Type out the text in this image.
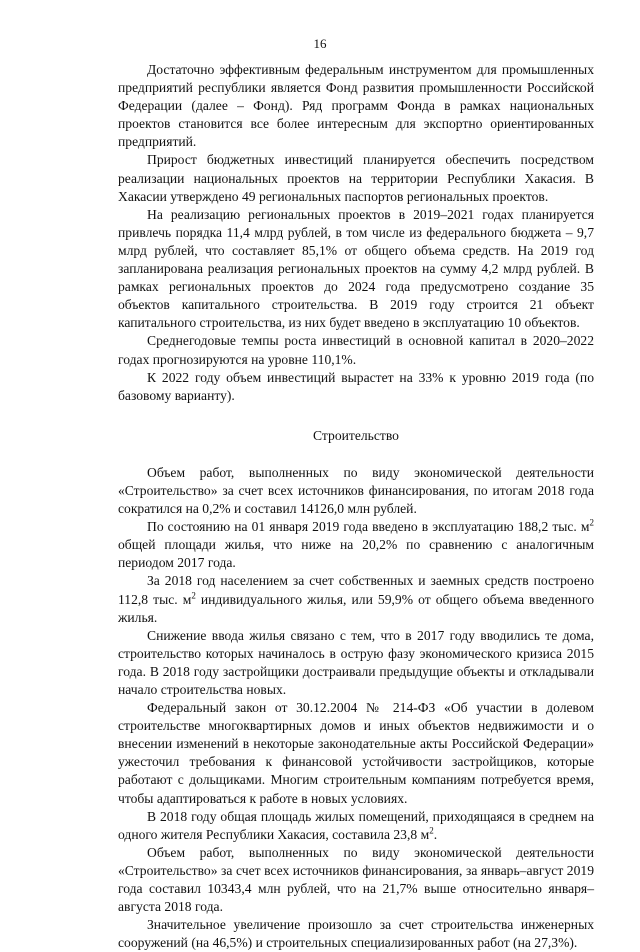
16

Достаточно эффективным федеральным инструментом для промышленных предприятий республики является Фонд развития промышленности Российской Федерации (далее – Фонд). Ряд программ Фонда в рамках национальных проектов становится все более интересным для экспортно ориентированных предприятий.

Прирост бюджетных инвестиций планируется обеспечить посредством реализации национальных проектов на территории Республики Хакасия. В Хакасии утверждено 49 региональных паспортов региональных проектов.

На реализацию региональных проектов в 2019–2021 годах планируется привлечь порядка 11,4 млрд рублей, в том числе из федерального бюджета – 9,7 млрд рублей, что составляет 85,1% от общего объема средств. На 2019 год запланирована реализация региональных проектов на сумму 4,2 млрд рублей. В рамках региональных проектов до 2024 года предусмотрено создание 35 объектов капитального строительства. В 2019 году строится 21 объект капитального строительства, из них будет введено в эксплуатацию 10 объектов.

Среднегодовые темпы роста инвестиций в основной капитал в 2020–2022 годах прогнозируются на уровне 110,1%.

К 2022 году объем инвестиций вырастет на 33% к уровню 2019 года (по базовому варианту).

Строительство

Объем работ, выполненных по виду экономической деятельности «Строительство» за счет всех источников финансирования, по итогам 2018 года сократился на 0,2% и составил 14126,0 млн рублей.

По состоянию на 01 января 2019 года введено в эксплуатацию 188,2 тыс. $м^2$ общей площади жилья, что ниже на 20,2% по сравнению с аналогичным периодом 2017 года.

За 2018 год населением за счет собственных и заемных средств построено 112,8 тыс. $м^2$ индивидуального жилья, или 59,9% от общего объема введенного жилья.

Снижение ввода жилья связано с тем, что в 2017 году вводились те дома, строительство которых начиналось в острую фазу экономического кризиса 2015 года. В 2018 году застройщики достраивали предыдущие объекты и откладывали начало строительства новых.

Федеральный закон от 30.12.2004 № 214-ФЗ «Об участии в долевом строительстве многоквартирных домов и иных объектов недвижимости и о внесении изменений в некоторые законодательные акты Российской Федерации» ужесточил требования к финансовой устойчивости застройщиков, которые работают с дольщиками. Многим строительным компаниям потребуется время, чтобы адаптироваться к работе в новых условиях.

В 2018 году общая площадь жилых помещений, приходящаяся в среднем на одного жителя Республики Хакасия, составила 23,8 $м^2$.

Объем работ, выполненных по виду экономической деятельности «Строительство» за счет всех источников финансирования, за январь–август 2019 года составил 10343,4 млн рублей, что на 21,7% выше относительно января–августа 2018 года.

Значительное увеличение произошло за счет строительства инженерных сооружений (на 46,5%) и строительных специализированных работ (на 27,3%).
